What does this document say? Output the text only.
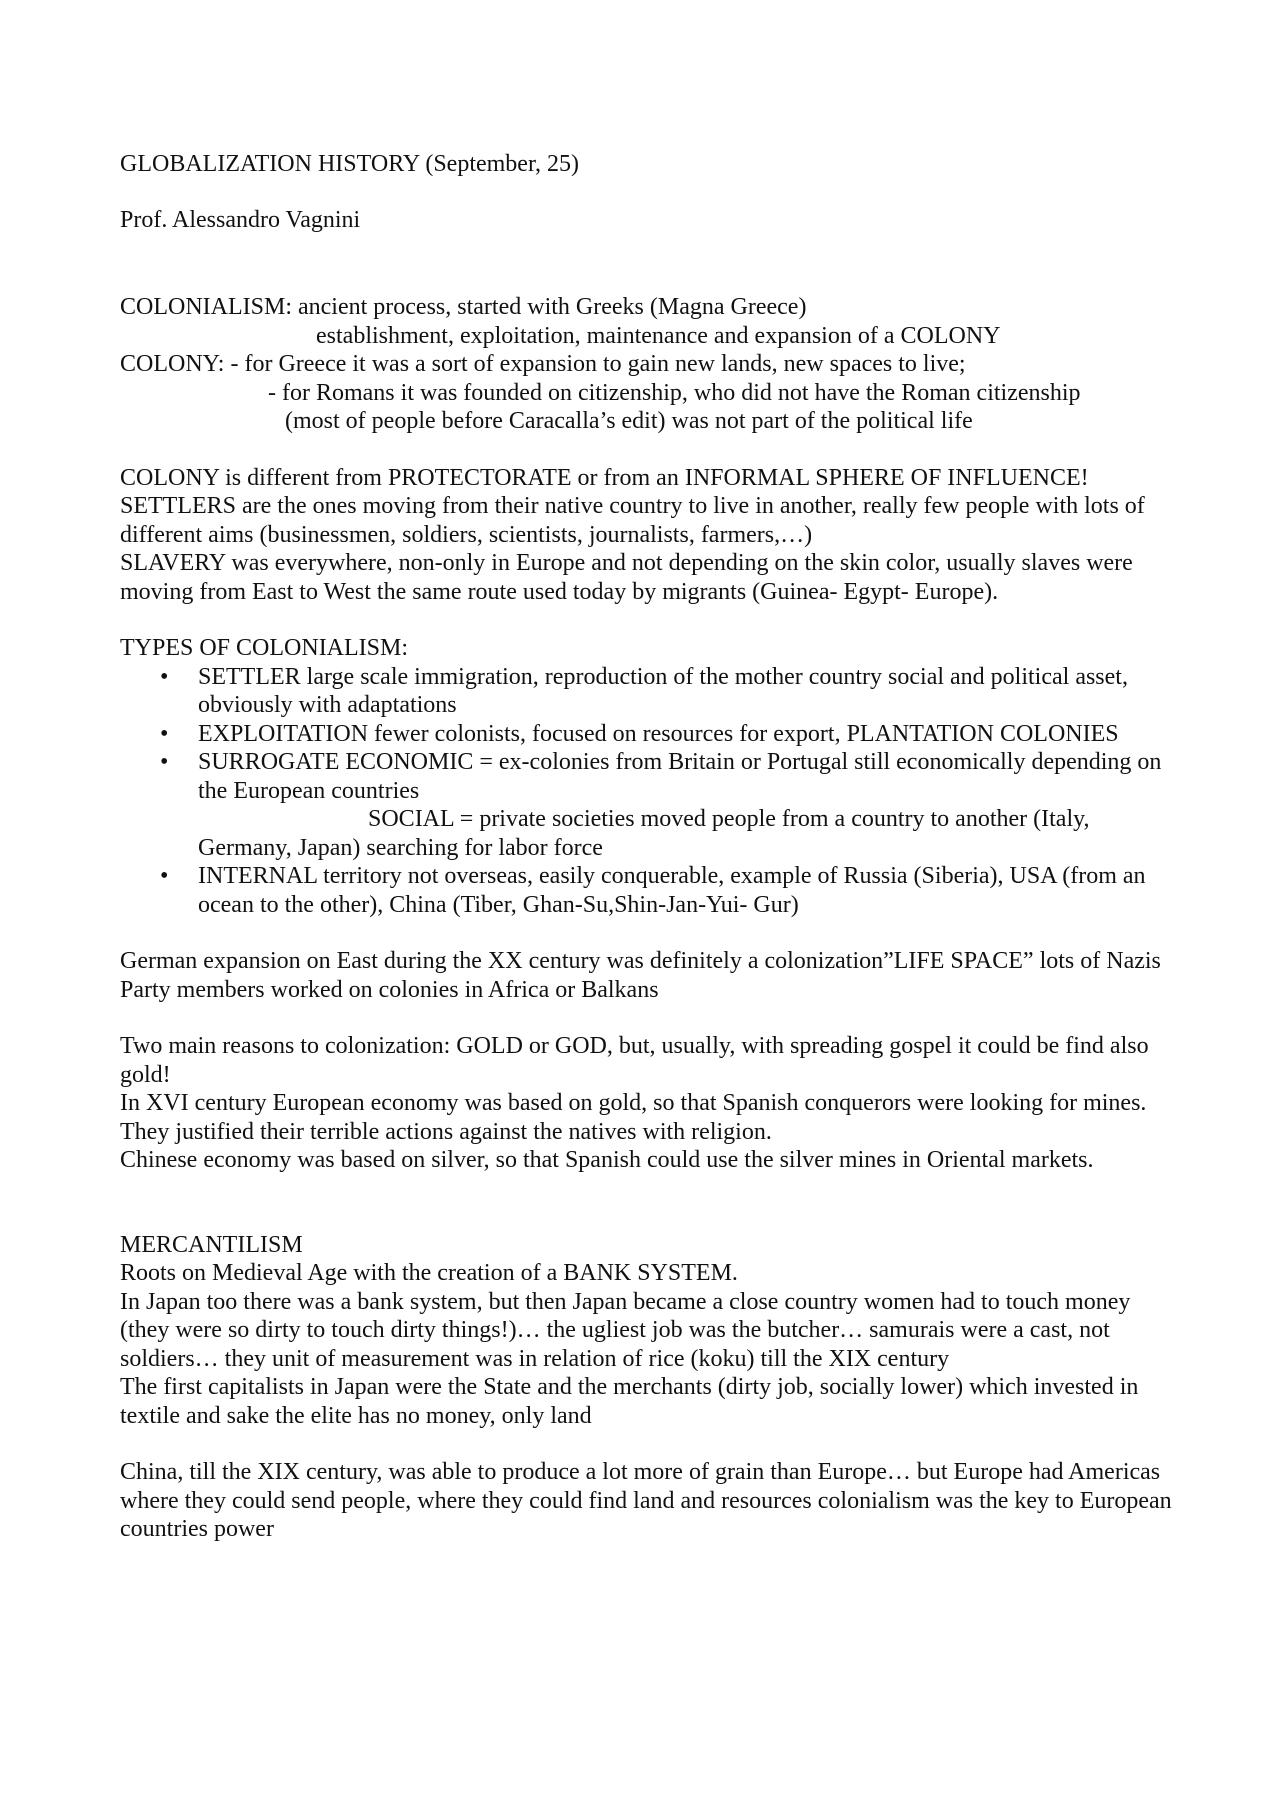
GLOBALIZATION HISTORY (September, 25)
Prof. Alessandro Vagnini
COLONIALISM: ancient process, started with Greeks (Magna Greece)
establishment, exploitation, maintenance and expansion of a COLONY
COLONY: - for Greece it was a sort of expansion to gain new lands, new spaces to live;
- for Romans it was founded on citizenship, who did not have the Roman citizenship
(most of people before Caracalla’s edit) was not part of the political life
COLONY is different from PROTECTORATE or from an INFORMAL SPHERE OF INFLUENCE!
SETTLERS are the ones moving from their native country to live in another, really few people with lots of different aims (businessmen, soldiers, scientists, journalists, farmers,…)
SLAVERY was everywhere, non-only in Europe and not depending on the skin color, usually slaves were moving from East to West the same route used today by migrants (Guinea- Egypt- Europe).
TYPES OF COLONIALISM:
• SETTLER large scale immigration, reproduction of the mother country social and political asset, obviously with adaptations
• EXPLOITATION fewer colonists, focused on resources for export, PLANTATION COLONIES
• SURROGATE ECONOMIC = ex-colonies from Britain or Portugal still economically depending on the European countries
SOCIAL = private societies moved people from a country to another (Italy,
Germany, Japan) searching for labor force
• INTERNAL territory not overseas, easily conquerable, example of Russia (Siberia), USA (from an ocean to the other), China (Tiber, Ghan-Su,Shin-Jan-Yui- Gur)
German expansion on East during the XX century was definitely a colonization”LIFE SPACE” lots of Nazis Party members worked on colonies in Africa or Balkans
Two main reasons to colonization: GOLD or GOD, but, usually, with spreading gospel it could be find also gold!
In XVI century European economy was based on gold, so that Spanish conquerors were looking for mines. They justified their terrible actions against the natives with religion.
Chinese economy was based on silver, so that Spanish could use the silver mines in Oriental markets.
MERCANTILISM
Roots on Medieval Age with the creation of a BANK SYSTEM.
In Japan too there was a bank system, but then Japan became a close country women had to touch money (they were so dirty to touch dirty things!)… the ugliest job was the butcher… samurais were a cast, not soldiers… they unit of measurement was in relation of rice (koku) till the XIX century
The first capitalists in Japan were the State and the merchants (dirty job, socially lower) which invested in textile and sake the elite has no money, only land
China, till the XIX century, was able to produce a lot more of grain than Europe… but Europe had Americas where they could send people, where they could find land and resources colonialism was the key to European countries power
